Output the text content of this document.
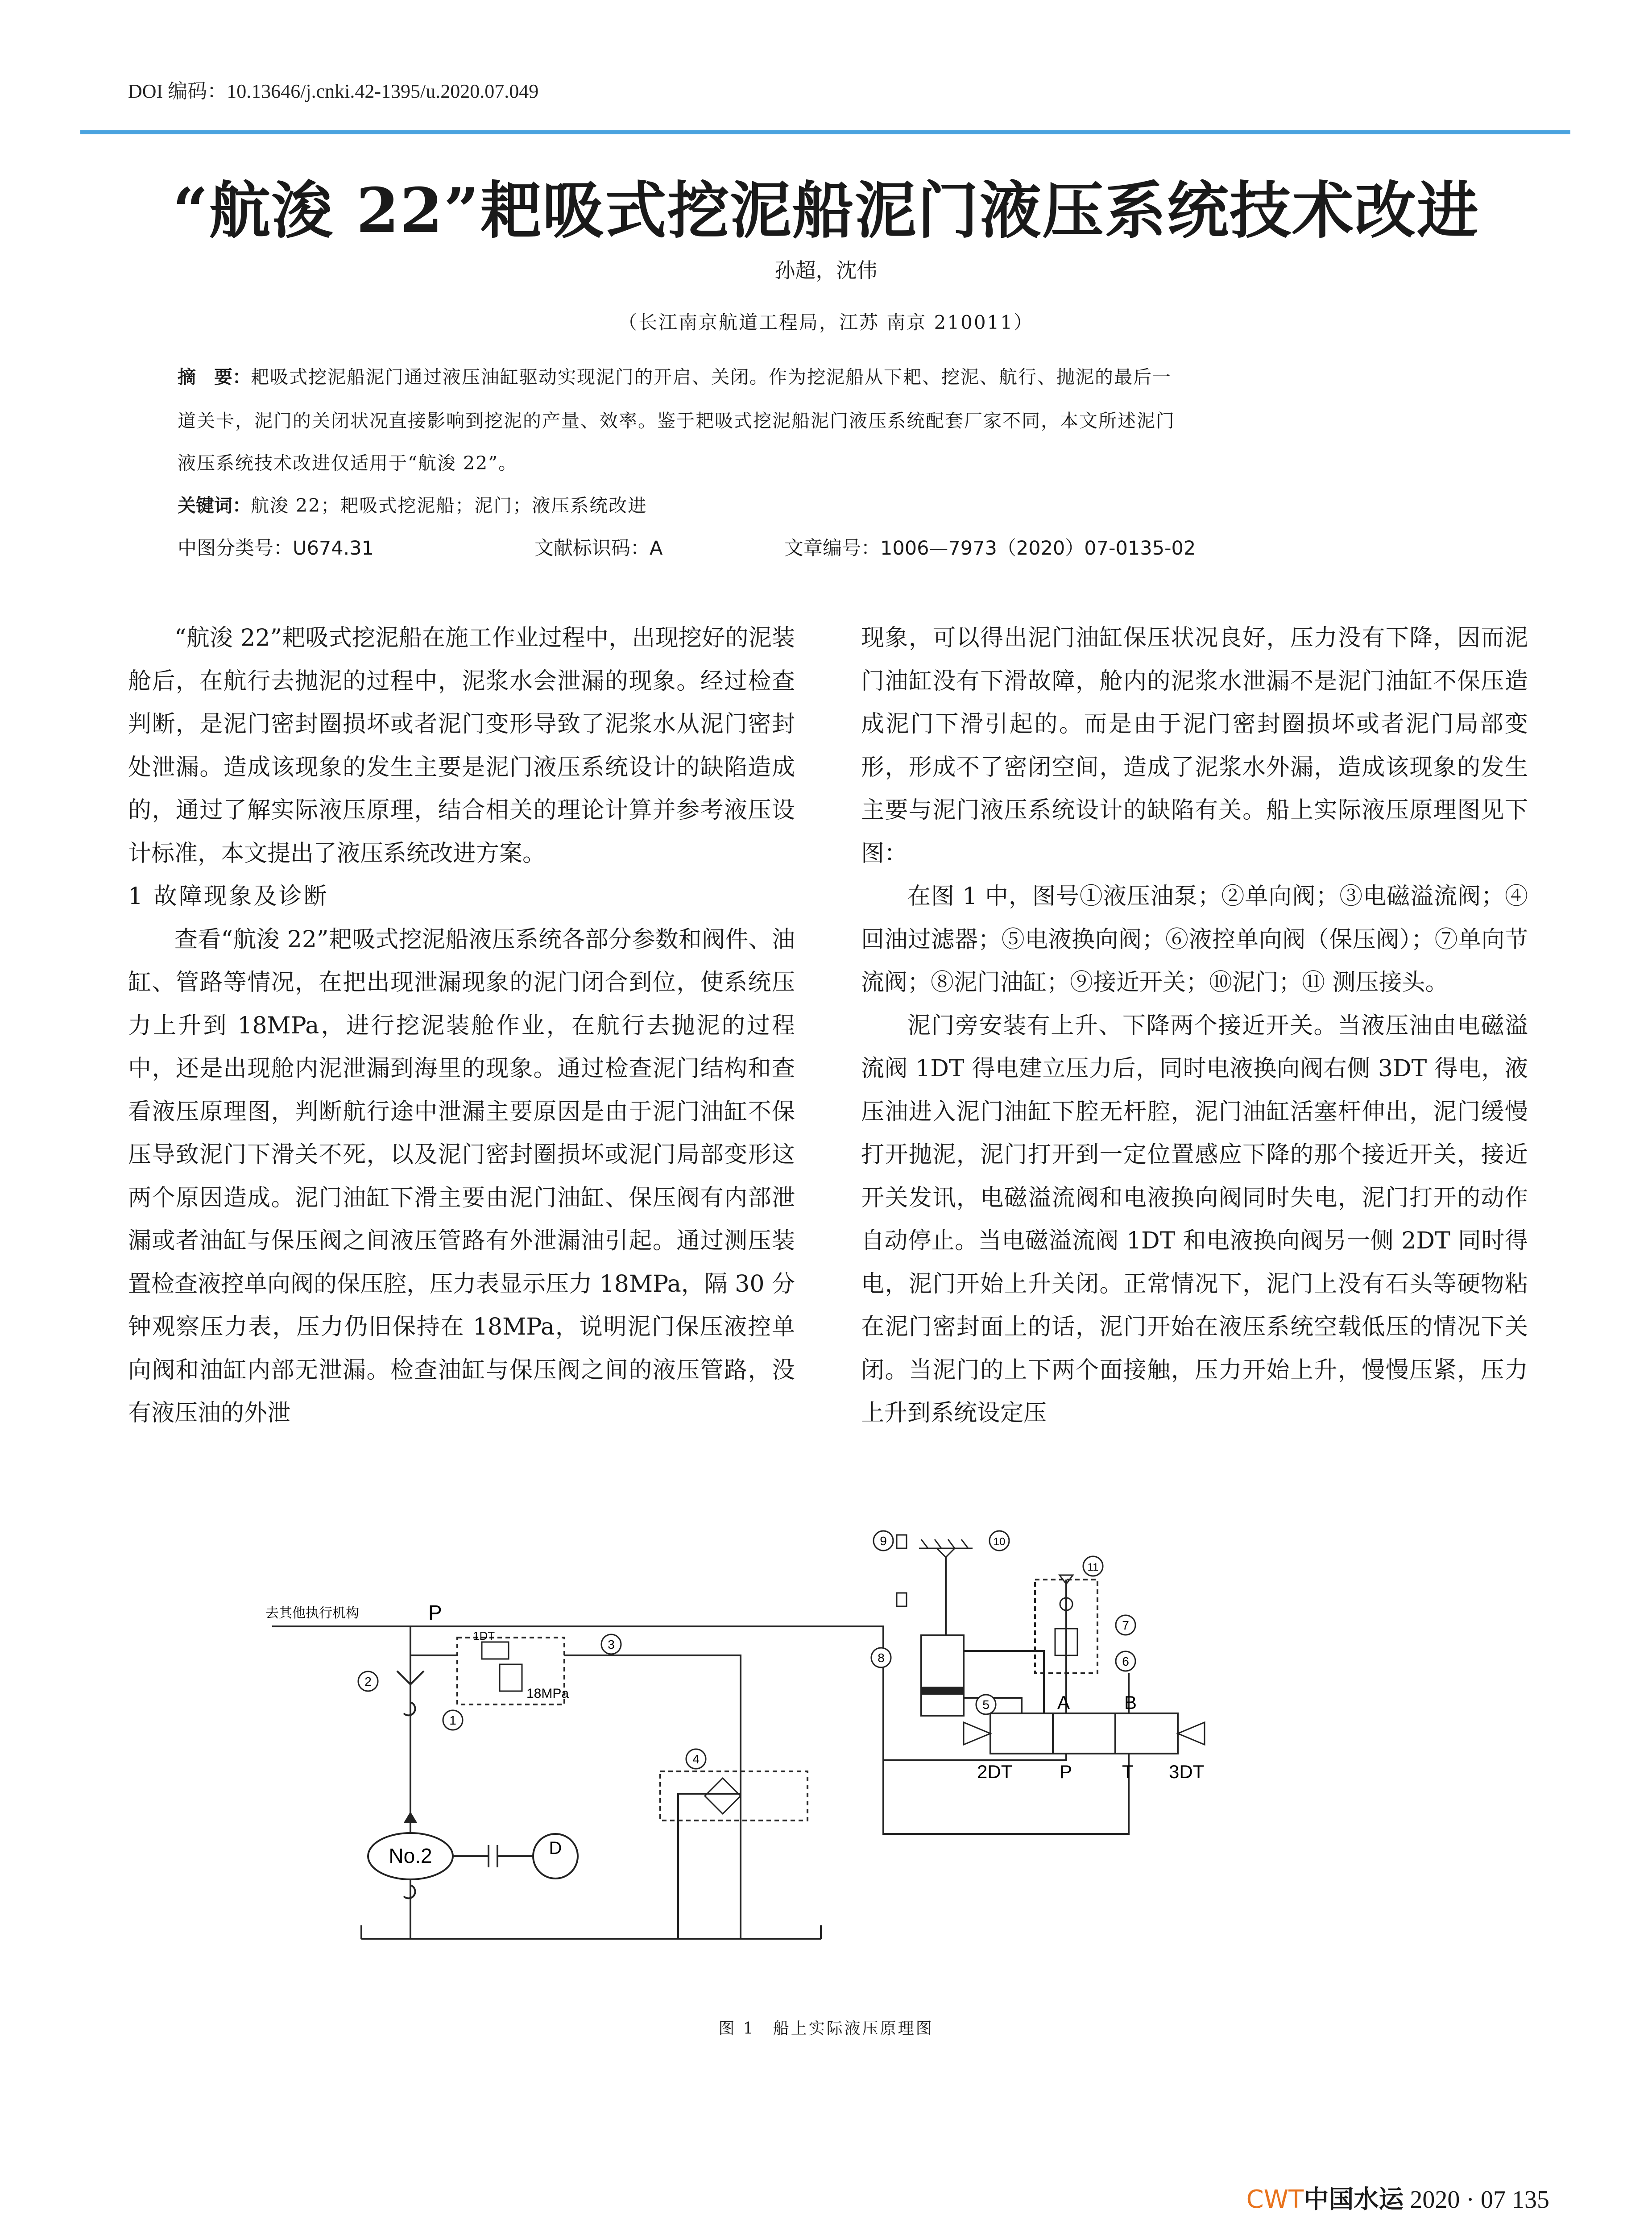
DOI 编码：10.13646/j.cnki.42-1395/u.2020.07.049
“航浚 22”耙吸式挖泥船泥门液压系统技术改进
孙超，沈伟
（长江南京航道工程局，江苏 南京 210011）
摘　要：耙吸式挖泥船泥门通过液压油缸驱动实现泥门的开启、关闭。作为挖泥船从下耙、挖泥、航行、抛泥的最后一
道关卡，泥门的关闭状况直接影响到挖泥的产量、效率。鉴于耙吸式挖泥船泥门液压系统配套厂家不同，本文所述泥门
液压系统技术改进仅适用于“航浚 22”。
关键词：航浚 22；耙吸式挖泥船；泥门；液压系统改进
中图分类号：U674.31	文献标识码：A	文章编号：1006—7973（2020）07-0135-02

“航浚 22”耙吸式挖泥船在施工作业过程中，出现挖好的泥装舱后，在航行去抛泥的过程中，泥浆水会泄漏的现象。经过检查判断，是泥门密封圈损坏或者泥门变形导致了泥浆水从泥门密封处泄漏。造成该现象的发生主要是泥门液压系统设计的缺陷造成的，通过了解实际液压原理，结合相关的理论计算并参考液压设计标准，本文提出了液压系统改进方案。

1 故障现象及诊断

查看“航浚 22”耙吸式挖泥船液压系统各部分参数和阀件、油缸、管路等情况，在把出现泄漏现象的泥门闭合到位，使系统压力上升到 18MPa，进行挖泥装舱作业，在航行去抛泥的过程中，还是出现舱内泥泄漏到海里的现象。通过检查泥门结构和查看液压原理图，判断航行途中泄漏主要原因是由于泥门油缸不保压导致泥门下滑关不死，以及泥门密封圈损坏或泥门局部变形这两个原因造成。泥门油缸下滑主要由泥门油缸、保压阀有内部泄漏或者油缸与保压阀之间液压管路有外泄漏油引起。通过测压装置检查液控单向阀的保压腔，压力表显示压力 18MPa，隔 30 分钟观察压力表，压力仍旧保持在 18MPa，说明泥门保压液控单向阀和油缸内部无泄漏。检查油缸与保压阀之间的液压管路，没有液压油的外泄

现象，可以得出泥门油缸保压状况良好，压力没有下降，因而泥门油缸没有下滑故障，舱内的泥浆水泄漏不是泥门油缸不保压造成泥门下滑引起的。而是由于泥门密封圈损坏或者泥门局部变形，形成不了密闭空间，造成了泥浆水外漏，造成该现象的发生主要与泥门液压系统设计的缺陷有关。船上实际液压原理图见下图：

在图 1 中，图号①液压油泵；②单向阀；③电磁溢流阀；④回油过滤器；⑤电液换向阀；⑥液控单向阀（保压阀）；⑦单向节流阀；⑧泥门油缸；⑨接近开关；⑩泥门；⑪ 测压接头。

泥门旁安装有上升、下降两个接近开关。当液压油由电磁溢流阀 1DT 得电建立压力后，同时电液换向阀右侧 3DT 得电，液压油进入泥门油缸下腔无杆腔，泥门油缸活塞杆伸出，泥门缓慢打开抛泥，泥门打开到一定位置感应下降的那个接近开关，接近开关发讯，电磁溢流阀和电液换向阀同时失电，泥门打开的动作自动停止。当电磁溢流阀 1DT 和电液换向阀另一侧 2DT 同时得电，泥门开始上升关闭。正常情况下，泥门上没有石头等硬物粘在泥门密封面上的话，泥门开始在液压系统空载低压的情况下关闭。当泥门的上下两个面接触，压力开始上升，慢慢压紧，压力上升到系统设定压

No.2	D
1DT
18MPa	A	B
P	T
2DT	3DT
去其他执行机构	P
1
2
3
4
5
6
7
8
9	10
11
图 1　船上实际液压原理图
CWT中国水运 2020 · 07 135
